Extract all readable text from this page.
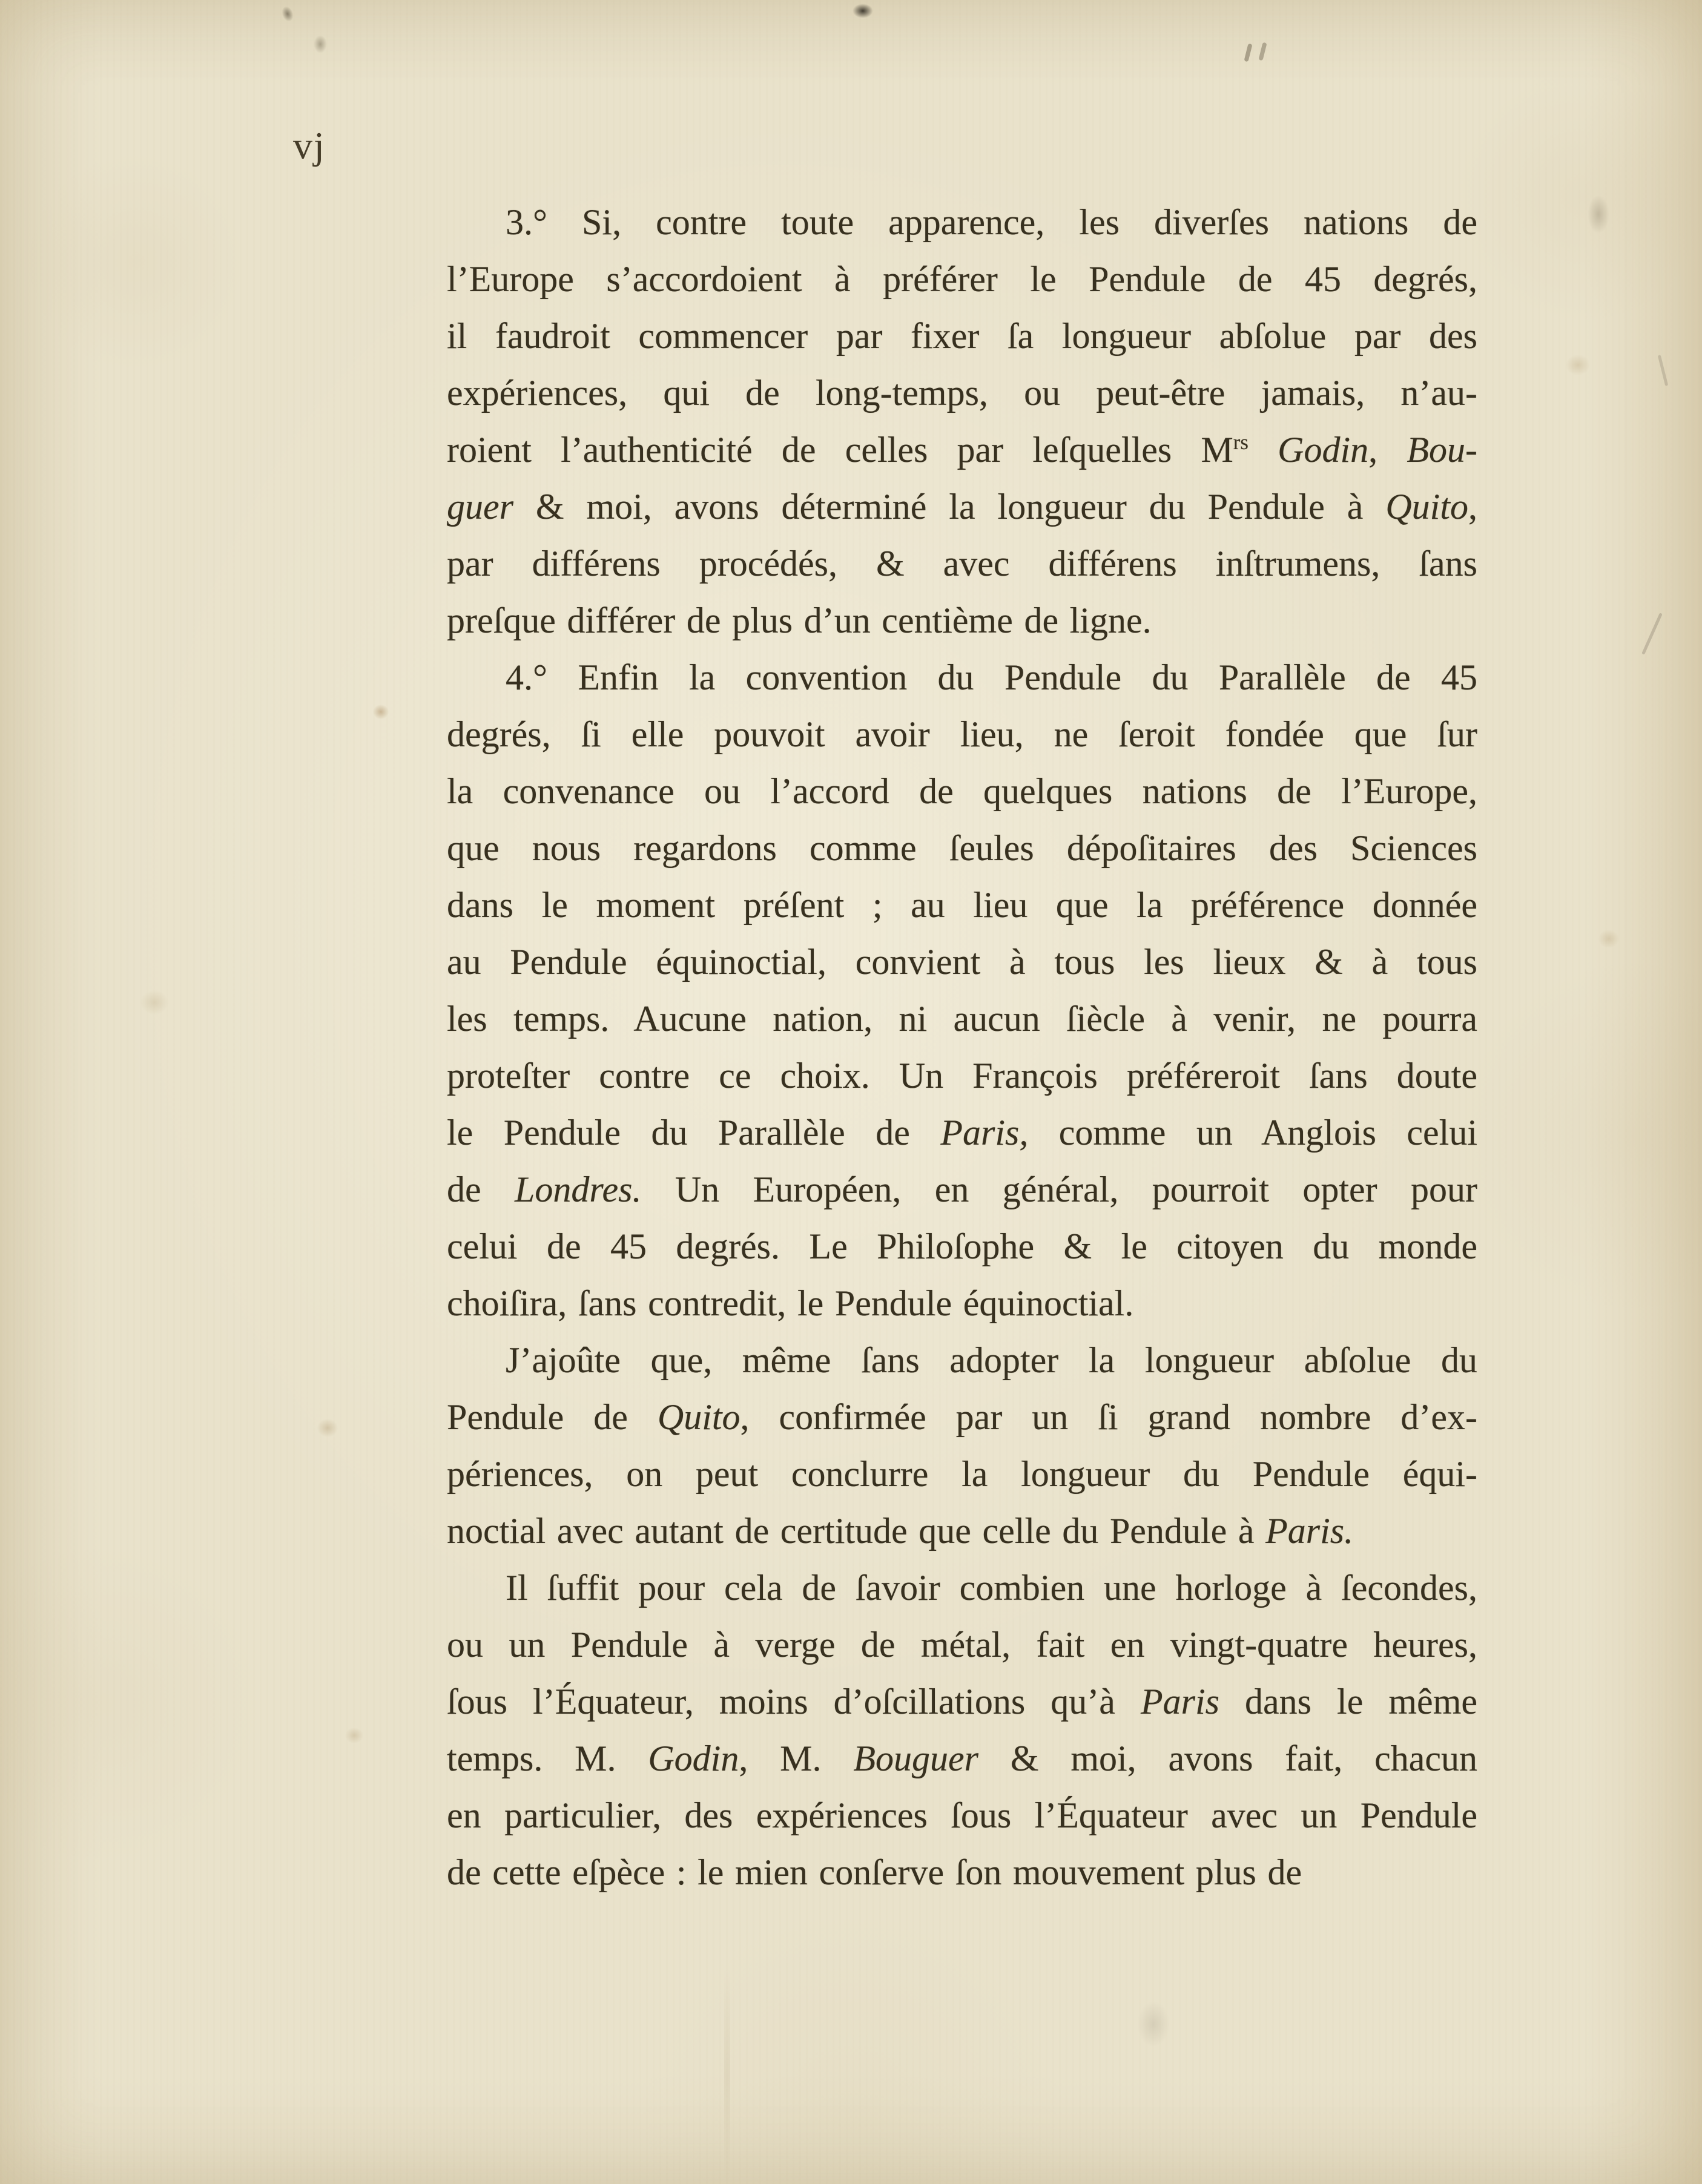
vj
3.° Si, contre toute apparence, les diverſes nations de
l’Europe s’accordoient à préférer le Pendule de 45 degrés,
il faudroit commencer par fixer ſa longueur abſolue par des
expériences, qui de long-temps, ou peut-être jamais, n’au-
roient l’authenticité de celles par leſquelles $M^{rs}$ Godin, Bou-
guer & moi, avons déterminé la longueur du Pendule à Quito,
par différens procédés, & avec différens inſtrumens, ſans
preſque différer de plus d’un centième de ligne.
4.° Enfin la convention du Pendule du Parallèle de 45
degrés, ſi elle pouvoit avoir lieu, ne ſeroit fondée que ſur
la convenance ou l’accord de quelques nations de l’Europe,
que nous regardons comme ſeules dépoſitaires des Sciences
dans le moment préſent ; au lieu que la préférence donnée
au Pendule équinoctial, convient à tous les lieux & à tous
les temps. Aucune nation, ni aucun ſiècle à venir, ne pourra
proteſter contre ce choix. Un François préféreroit ſans doute
le Pendule du Parallèle de Paris, comme un Anglois celui
de Londres. Un Européen, en général, pourroit opter pour
celui de 45 degrés. Le Philoſophe & le citoyen du monde
choiſira, ſans contredit, le Pendule équinoctial.
J’ajoûte que, même ſans adopter la longueur abſolue du
Pendule de Quito, confirmée par un ſi grand nombre d’ex-
périences, on peut conclurre la longueur du Pendule équi-
noctial avec autant de certitude que celle du Pendule à Paris.
Il ſuffit pour cela de ſavoir combien une horloge à ſecondes,
ou un Pendule à verge de métal, fait en vingt-quatre heures,
ſous l’Équateur, moins d’oſcillations qu’à Paris dans le même
temps. M. Godin, M. Bouguer & moi, avons fait, chacun
en particulier, des expériences ſous l’Équateur avec un Pendule
de cette eſpèce : le mien conſerve ſon mouvement plus de
